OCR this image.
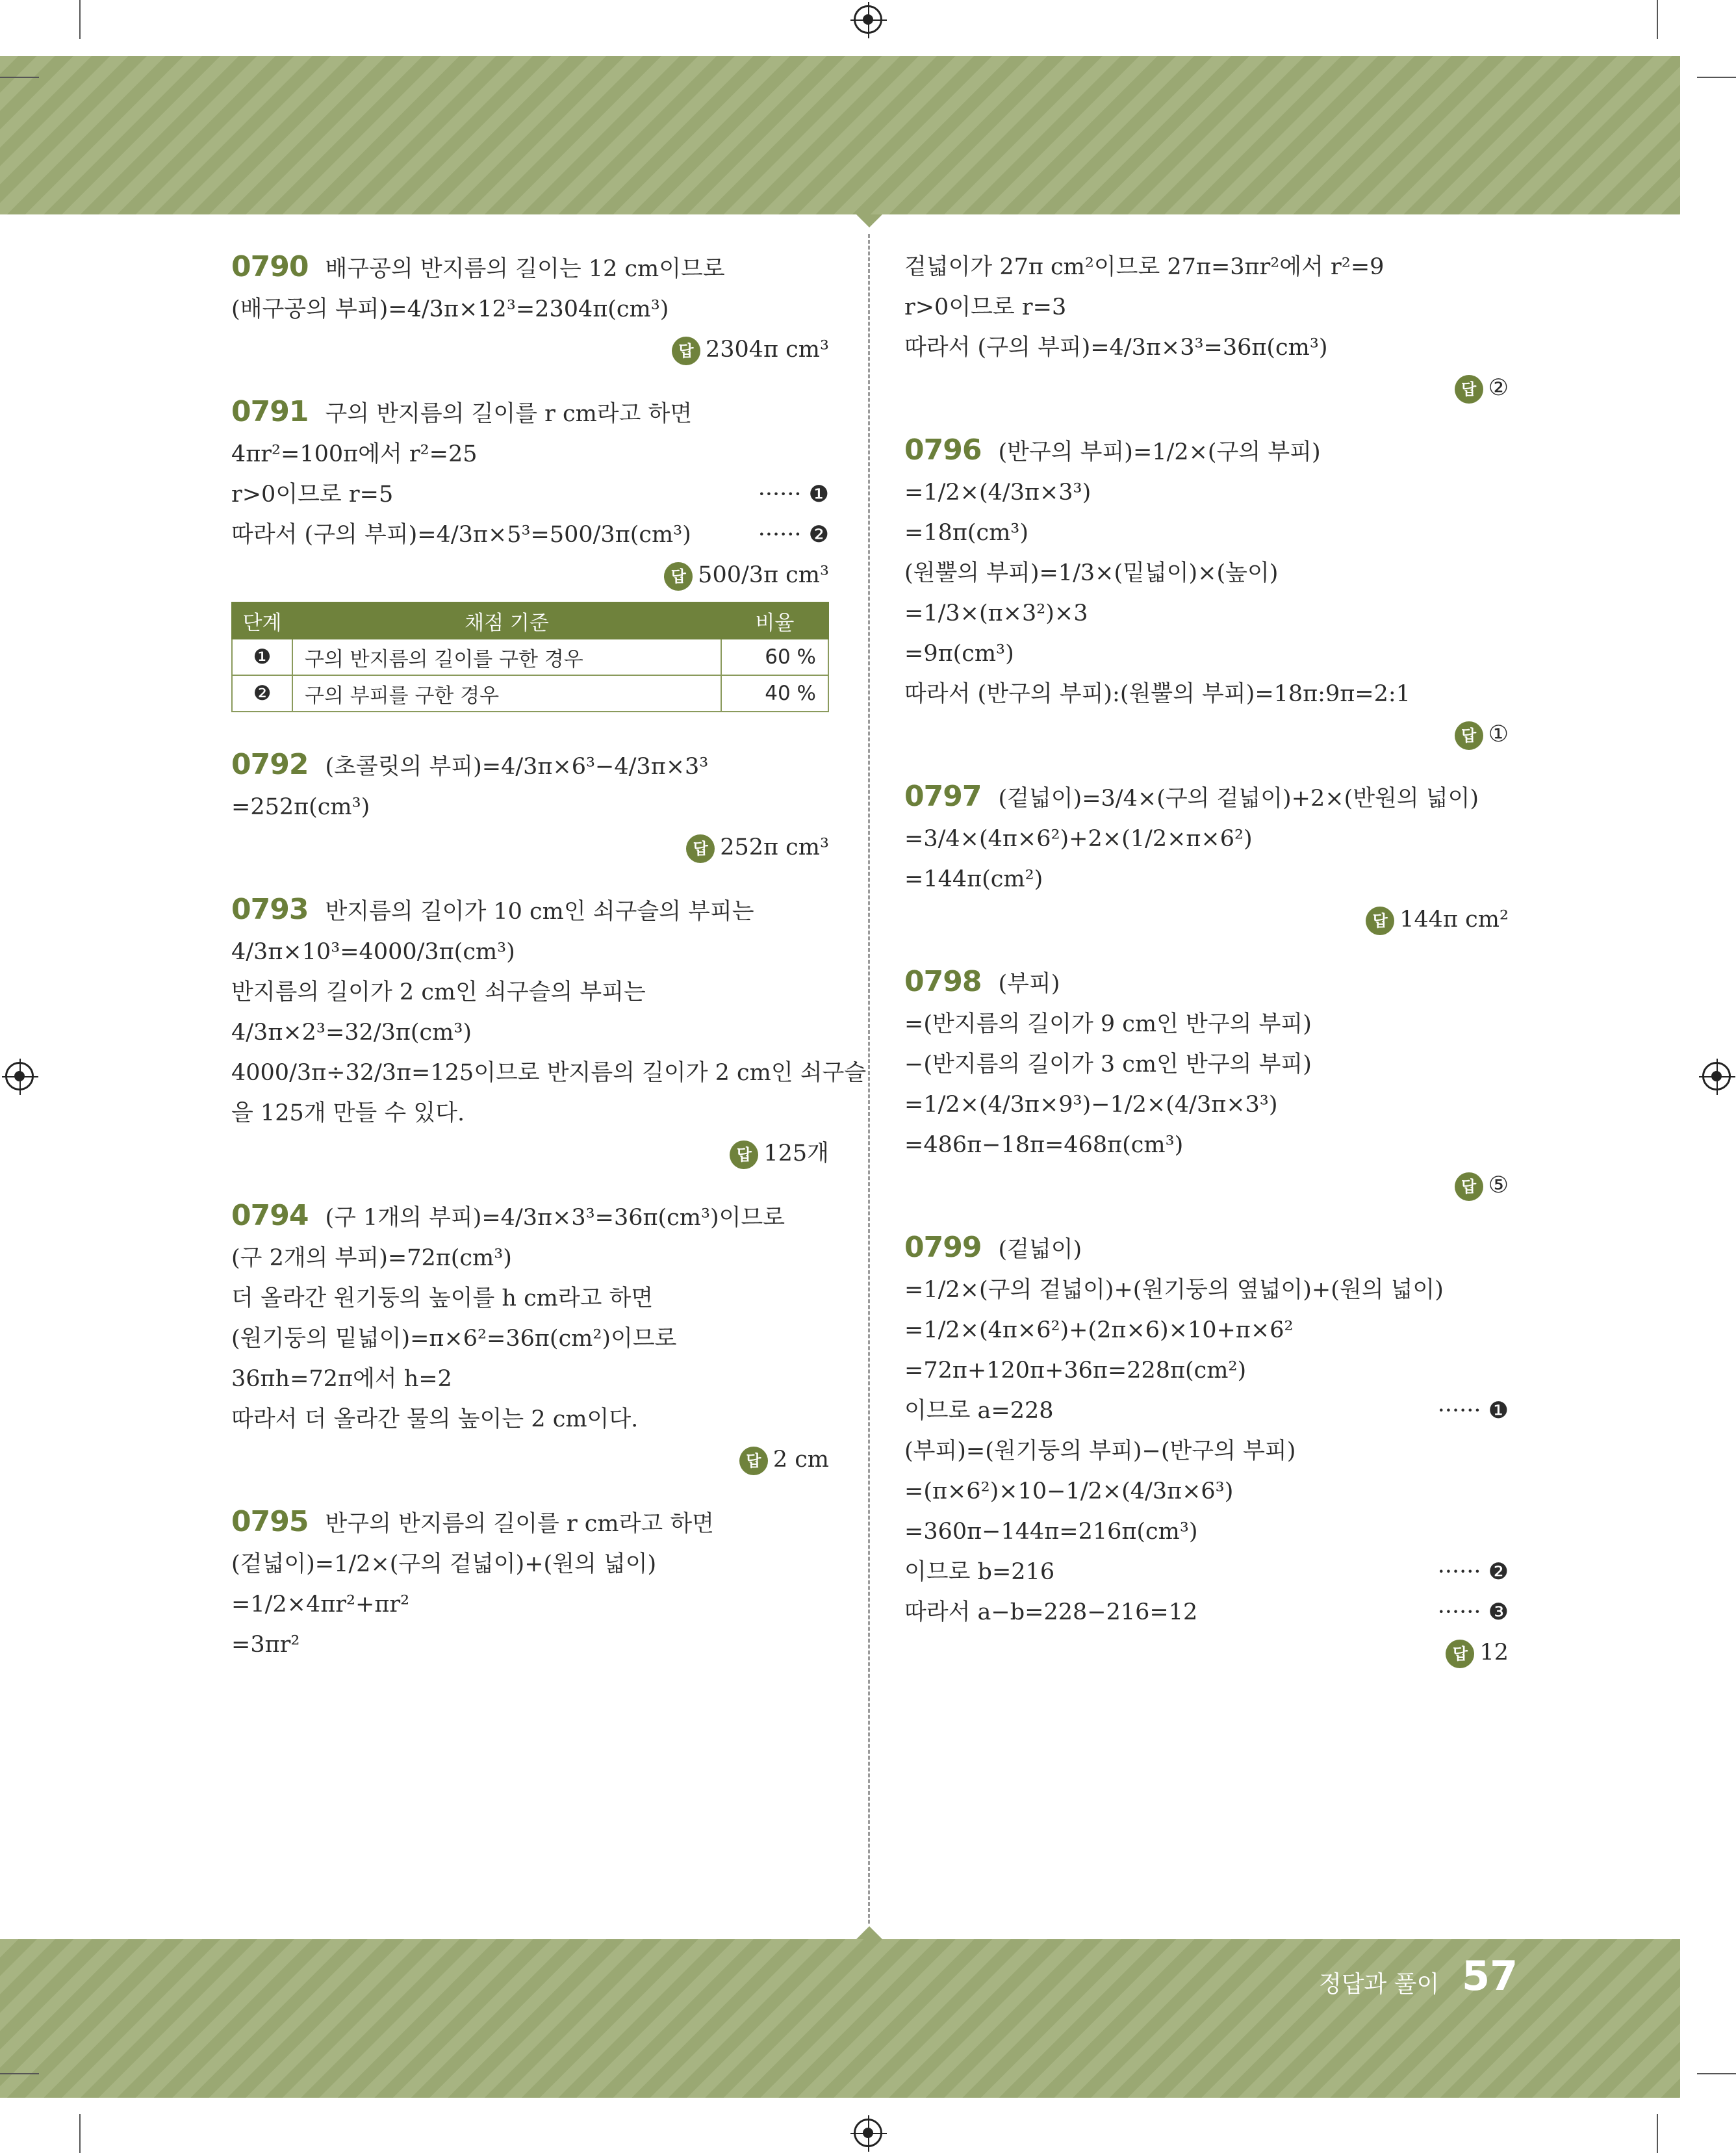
0790 배구공의 반지름의 길이는 12 cm이므로
(배구공의 부피)=4/3π×12³=2304π(cm³)
답 2304π cm³
0791 구의 반지름의 길이를 r cm라고 하면
4πr²=100π에서 r²=25
r>0이므로 r=5	······ ❶
따라서 (구의 부피)=4/3π×5³=500/3π(cm³)	······ ❷
답 500/3π cm³
단계	채점 기준	비율
❶	구의 반지름의 길이를 구한 경우	60 %
❷	구의 부피를 구한 경우	40 %
0792 (초콜릿의 부피)=4/3π×6³−4/3π×3³
=252π(cm³)
답 252π cm³
0793 반지름의 길이가 10 cm인 쇠구슬의 부피는
4/3π×10³=4000/3π(cm³)
반지름의 길이가 2 cm인 쇠구슬의 부피는
4/3π×2³=32/3π(cm³)
4000/3π÷32/3π=125이므로 반지름의 길이가 2 cm인 쇠구슬
을 125개 만들 수 있다.
답 125개
0794 (구 1개의 부피)=4/3π×3³=36π(cm³)이므로
(구 2개의 부피)=72π(cm³)
더 올라간 원기둥의 높이를 h cm라고 하면
(원기둥의 밑넓이)=π×6²=36π(cm²)이므로
36πh=72π에서 h=2
따라서 더 올라간 물의 높이는 2 cm이다.
답 2 cm
0795 반구의 반지름의 길이를 r cm라고 하면
(겉넓이)=1/2×(구의 겉넓이)+(원의 넓이)
=1/2×4πr²+πr²
=3πr²
겉넓이가 27π cm²이므로 27π=3πr²에서 r²=9
r>0이므로 r=3
따라서 (구의 부피)=4/3π×3³=36π(cm³)
답 ②
0796 (반구의 부피)=1/2×(구의 부피)
=1/2×(4/3π×3³)
=18π(cm³)
(원뿔의 부피)=1/3×(밑넓이)×(높이)
=1/3×(π×3²)×3
=9π(cm³)
따라서 (반구의 부피):(원뿔의 부피)=18π:9π=2:1
답 ①
0797 (겉넓이)=3/4×(구의 겉넓이)+2×(반원의 넓이)
=3/4×(4π×6²)+2×(1/2×π×6²)
=144π(cm²)
답 144π cm²
0798 (부피)
=(반지름의 길이가 9 cm인 반구의 부피)
−(반지름의 길이가 3 cm인 반구의 부피)
=1/2×(4/3π×9³)−1/2×(4/3π×3³)
=486π−18π=468π(cm³)
답 ⑤
0799 (겉넓이)
=1/2×(구의 겉넓이)+(원기둥의 옆넓이)+(원의 넓이)
=1/2×(4π×6²)+(2π×6)×10+π×6²
=72π+120π+36π=228π(cm²)
이므로 a=228	······ ❶
(부피)=(원기둥의 부피)−(반구의 부피)
=(π×6²)×10−1/2×(4/3π×6³)
=360π−144π=216π(cm³)
이므로 b=216	······ ❷
따라서 a−b=228−216=12	······ ❸
답 12
정답과 풀이 57
